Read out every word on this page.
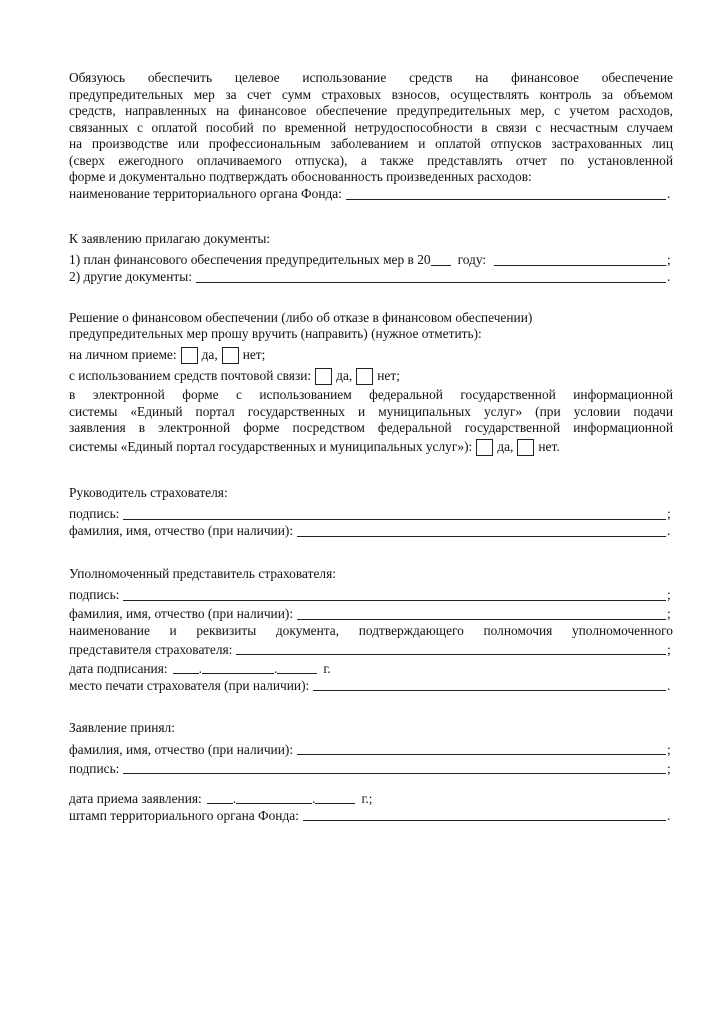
Обязуюсь обеспечить целевое использование средств на финансовое обеспечение
предупредительных мер за счет сумм страховых взносов, осуществлять контроль за объемом
средств, направленных на финансовое обеспечение предупредительных мер, с учетом расходов,
связанных с оплатой пособий по временной нетрудоспособности в связи с несчастным случаем
на производстве или профессиональным заболеванием и оплатой отпусков застрахованных лиц
(сверх ежегодного оплачиваемого отпуска), а также представлять отчет по установленной
форме и документально подтверждать обоснованность произведенных расходов:
наименование территориального органа Фонда:	.
К заявлению прилагаю документы:
1) план финансового обеспечения предупредительных мер в 20 году:	;
2) другие документы:	.
Решение о финансовом обеспечении (либо об отказе в финансовом обеспечении)
предупредительных мер прошу вручить (направить) (нужное отметить):
на личном приеме: да, нет;
с использованием средств почтовой связи: да, нет;
в электронной форме с использованием федеральной государственной информационной
системы «Единый портал государственных и муниципальных услуг» (при условии подачи
заявления в электронной форме посредством федеральной государственной информационной
системы «Единый портал государственных и муниципальных услуг»): да, нет.
Руководитель страхователя:
подпись:	;
фамилия, имя, отчество (при наличии):	.
Уполномоченный представитель страхователя:
подпись:	;
фамилия, имя, отчество (при наличии):	;
наименование и реквизиты документа, подтверждающего полномочия уполномоченного
представителя страхователя:	;
дата подписания: .	.	г.
место печати страхователя (при наличии):	.
Заявление принял:
фамилия, имя, отчество (при наличии):	;
подпись:	;
дата приема заявления: .	.	г.;
штамп территориального органа Фонда:	.
